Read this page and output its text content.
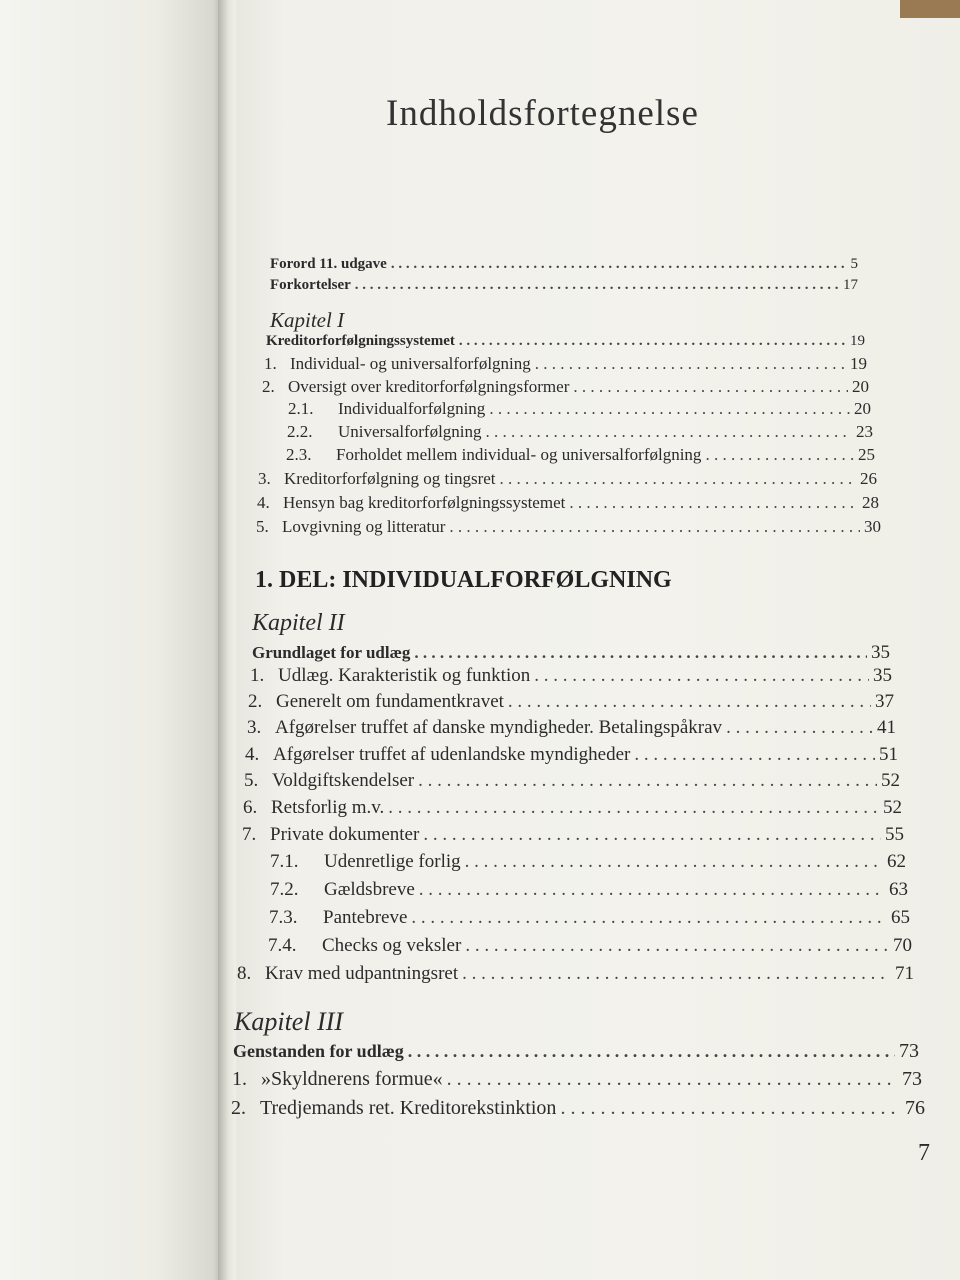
Indholdsfortegnelse
Forord 11. udgave . . .	5
Forkortelser . . .	17
Kapitel I
Kreditorforfølgningssystemet . . .	19
1. Individual- og universalforfølgning . . .	19
2. Oversigt over kreditorforfølgningsformer . . .	20
2.1.	Individualforfølgning . . .	20
2.2.	Universalforfølgning . . .	23
2.3.	Forholdet mellem individual- og universalforfølgning . . .	25
3. Kreditorforfølgning og tingsret . . .	26
4. Hensyn bag kreditorforfølgningssystemet . . .	28
5. Lovgivning og litteratur . . .	30
1. DEL: INDIVIDUALFORFØLGNING
Kapitel II
Grundlaget for udlæg . . .	35
1. Udlæg. Karakteristik og funktion . . .	35
2. Generelt om fundamentkravet . . .	37
3. Afgørelser truffet af danske myndigheder. Betalingspåkrav . . .	41
4. Afgørelser truffet af udenlandske myndigheder . . .	51
5. Voldgiftskendelser . . .	52
6. Retsforlig m.v. . . .	52
7. Private dokumenter . . .	55
7.1.	Udenretlige forlig . . .	62
7.2.	Gældsbreve . . .	63
7.3.	Pantebreve . . .	65
7.4.	Checks og veksler . . .	70
8. Krav med udpantningsret . . .	71
Kapitel III
Genstanden for udlæg . . .	73
1. »Skyldnerens formue« . . .	73
2. Tredjemands ret. Kreditorekstinktion . . .	76
7
